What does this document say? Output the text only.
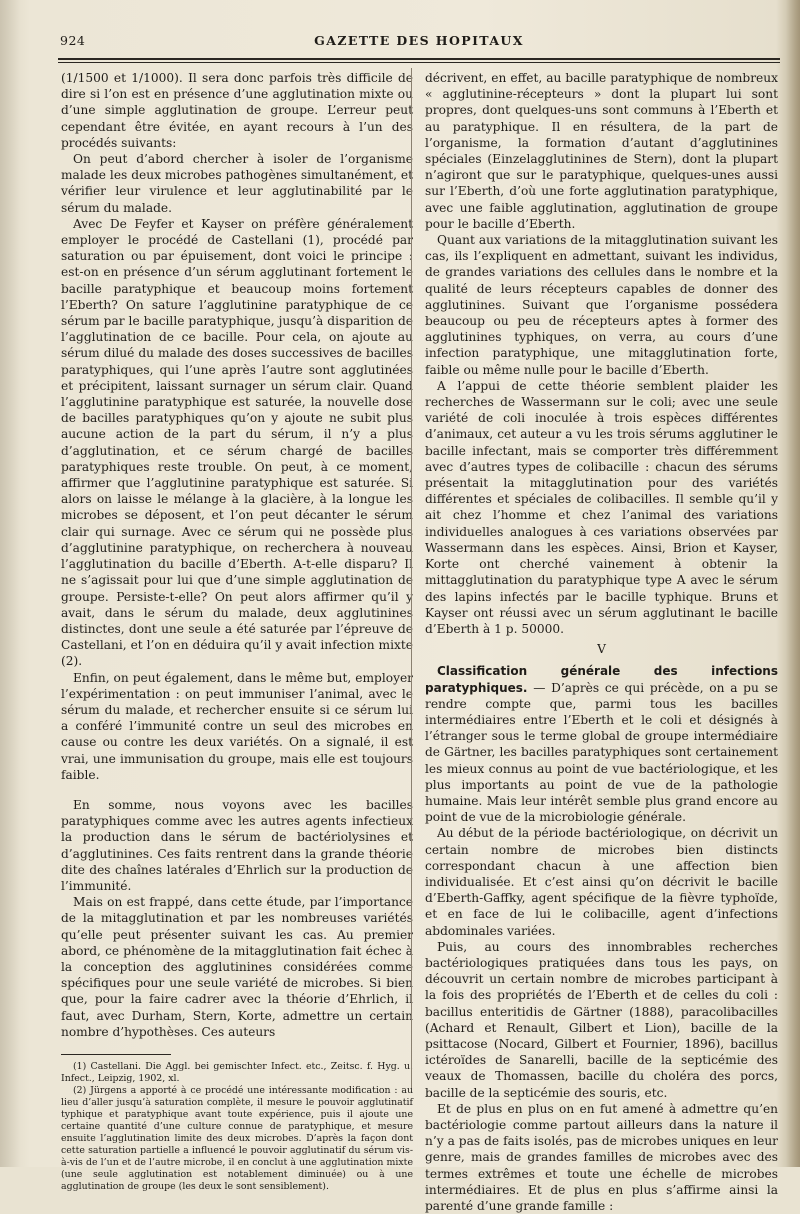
924	GAZETTE DES HOPITAUX

(1/1500 et 1/1000). Il sera donc parfois très difficile de dire si l’on est en présence d’une agglutination mixte ou d’une simple agglutination de groupe. L’erreur peut cependant être évitée, en ayant recours à l’un des procédés suivants:

On peut d’abord chercher à isoler de l’organisme malade les deux microbes pathogènes simultanément, et vérifier leur virulence et leur agglutinabilité par le sérum du malade.

Avec De Feyfer et Kayser on préfère généralement employer le procédé de Castellani (1), procédé par saturation ou par épuisement, dont voici le principe : est-on en présence d’un sérum agglutinant fortement le bacille paratyphique et beaucoup moins fortement l’Eberth? On sature l’agglutinine paratyphique de ce sérum par le bacille paratyphique, jusqu’à disparition de l’agglutination de ce bacille. Pour cela, on ajoute au sérum dilué du malade des doses successives de bacilles paratyphiques, qui l’une après l’autre sont agglutinées et précipitent, laissant surnager un sérum clair. Quand l’agglutinine paratyphique est saturée, la nouvelle dose de bacilles paratyphiques qu’on y ajoute ne subit plus aucune action de la part du sérum, il n’y a plus d’agglutination, et ce sérum chargé de bacilles paratyphiques reste trouble. On peut, à ce moment, affirmer que l’agglutinine paratyphique est saturée. Si alors on laisse le mélange à la glacière, à la longue les microbes se déposent, et l’on peut décanter le sérum clair qui surnage. Avec ce sérum qui ne possède plus d’agglutinine paratyphique, on recherchera à nouveau l’agglutination du bacille d’Eberth. A-t-elle disparu? Il ne s’agissait pour lui que d’une simple agglutination de groupe. Persiste-t-elle? On peut alors affirmer qu’il y avait, dans le sérum du malade, deux agglutinines distinctes, dont une seule a été saturée par l’épreuve de Castellani, et l’on en déduira qu’il y avait infection mixte (2).

Enfin, on peut également, dans le même but, employer l’expérimentation : on peut immuniser l’animal, avec le sérum du malade, et rechercher ensuite si ce sérum lui a conféré l’immunité contre un seul des microbes en cause ou contre les deux variétés. On a signalé, il est vrai, une immunisation du groupe, mais elle est toujours faible.

En somme, nous voyons avec les bacilles paratyphiques comme avec les autres agents infectieux la production dans le sérum de bactériolysines et d’agglutinines. Ces faits rentrent dans la grande théorie dite des chaînes latérales d’Ehrlich sur la production de l’immunité.

Mais on est frappé, dans cette étude, par l’importance de la mitagglutination et par les nombreuses variétés qu’elle peut présenter suivant les cas. Au premier abord, ce phénomène de la mitagglutination fait échec à la conception des agglutinines considérées comme spécifiques pour une seule variété de microbes. Si bien que, pour la faire cadrer avec la théorie d’Ehrlich, il faut, avec Durham, Stern, Korte, admettre un certain nombre d’hypothèses. Ces auteurs

(1) Castellani. Die Aggl. bei gemischter Infect. etc., Zeitsc. f. Hyg. u. Infect., Leipzig, 1902, xl.

(2) Jürgens a apporté à ce procédé une intéressante modification : au lieu d’aller jusqu’à saturation complète, il mesure le pouvoir agglutinatif typhique et paratyphique avant toute expérience, puis il ajoute une certaine quantité d’une culture connue de paratyphique, et mesure ensuite l’agglutination limite des deux microbes. D’après la façon dont cette saturation partielle a influencé le pouvoir agglutinatif du sérum vis-à-vis de l’un et de l’autre microbe, il en conclut à une agglutination mixte (une seule agglutination est notablement diminuée) ou à une agglutination de groupe (les deux le sont sensiblement).

décrivent, en effet, au bacille paratyphique de nombreux « agglutinine-récepteurs » dont la plupart lui sont propres, dont quelques-uns sont communs à l’Eberth et au paratyphique. Il en résultera, de la part de l’organisme, la formation d’autant d’agglutinines spéciales (Einzelagglutinines de Stern), dont la plupart n’agiront que sur le paratyphique, quelques-unes aussi sur l’Eberth, d’où une forte agglutination paratyphique, avec une faible agglutination, agglutination de groupe pour le bacille d’Eberth.

Quant aux variations de la mitagglutination suivant les cas, ils l’expliquent en admettant, suivant les individus, de grandes variations des cellules dans le nombre et la qualité de leurs récepteurs capables de donner des agglutinines. Suivant que l’organisme possédera beaucoup ou peu de récepteurs aptes à former des agglutinines typhiques, on verra, au cours d’une infection paratyphique, une mitagglutination forte, faible ou même nulle pour le bacille d’Eberth.

A l’appui de cette théorie semblent plaider les recherches de Wassermann sur le coli; avec une seule variété de coli inoculée à trois espèces différentes d’animaux, cet auteur a vu les trois sérums agglutiner le bacille infectant, mais se comporter très différemment avec d’autres types de colibacille : chacun des sérums présentait la mitagglutination pour des variétés différentes et spéciales de colibacilles. Il semble qu’il y ait chez l’homme et chez l’animal des variations individuelles analogues à ces variations observées par Wassermann dans les espèces. Ainsi, Brion et Kayser, Korte ont cherché vainement à obtenir la mittagglutination du paratyphique type A avec le sérum des lapins infectés par le bacille typhique. Bruns et Kayser ont réussi avec un sérum agglutinant le bacille d’Eberth à 1 p. 50000.

V

Classification générale des infections paratyphiques. — D’après ce qui précède, on a pu se rendre compte que, parmi tous les bacilles intermédiaires entre l’Eberth et le coli et désignés à l’étranger sous le terme global de groupe intermédiaire de Gärtner, les bacilles paratyphiques sont certainement les mieux connus au point de vue bactériologique, et les plus importants au point de vue de la pathologie humaine. Mais leur intérêt semble plus grand encore au point de vue de la microbiologie générale.

Au début de la période bactériologique, on décrivit un certain nombre de microbes bien distincts correspondant chacun à une affection bien individualisée. Et c’est ainsi qu’on décrivit le bacille d’Eberth-Gaffky, agent spécifique de la fièvre typhoïde, et en face de lui le colibacille, agent d’infections abdominales variées.

Puis, au cours des innombrables recherches bactériologiques pratiquées dans tous les pays, on découvrit un certain nombre de microbes participant à la fois des propriétés de l’Eberth et de celles du coli : bacillus enteritidis de Gärtner (1888), paracolibacilles (Achard et Renault, Gilbert et Lion), bacille de la psittacose (Nocard, Gilbert et Fournier, 1896), bacillus ictéroïdes de Sanarelli, bacille de la septicémie des veaux de Thomassen, bacille du choléra des porcs, bacille de la septicémie des souris, etc.

Et de plus en plus on en fut amené à admettre qu’en bactériologie comme partout ailleurs dans la nature il n’y a pas de faits isolés, pas de microbes uniques en leur genre, mais de grandes familles de microbes avec des termes extrêmes et toute une échelle de microbes intermédiaires. Et de plus en plus s’affirme ainsi la parenté d’une grande famille :
